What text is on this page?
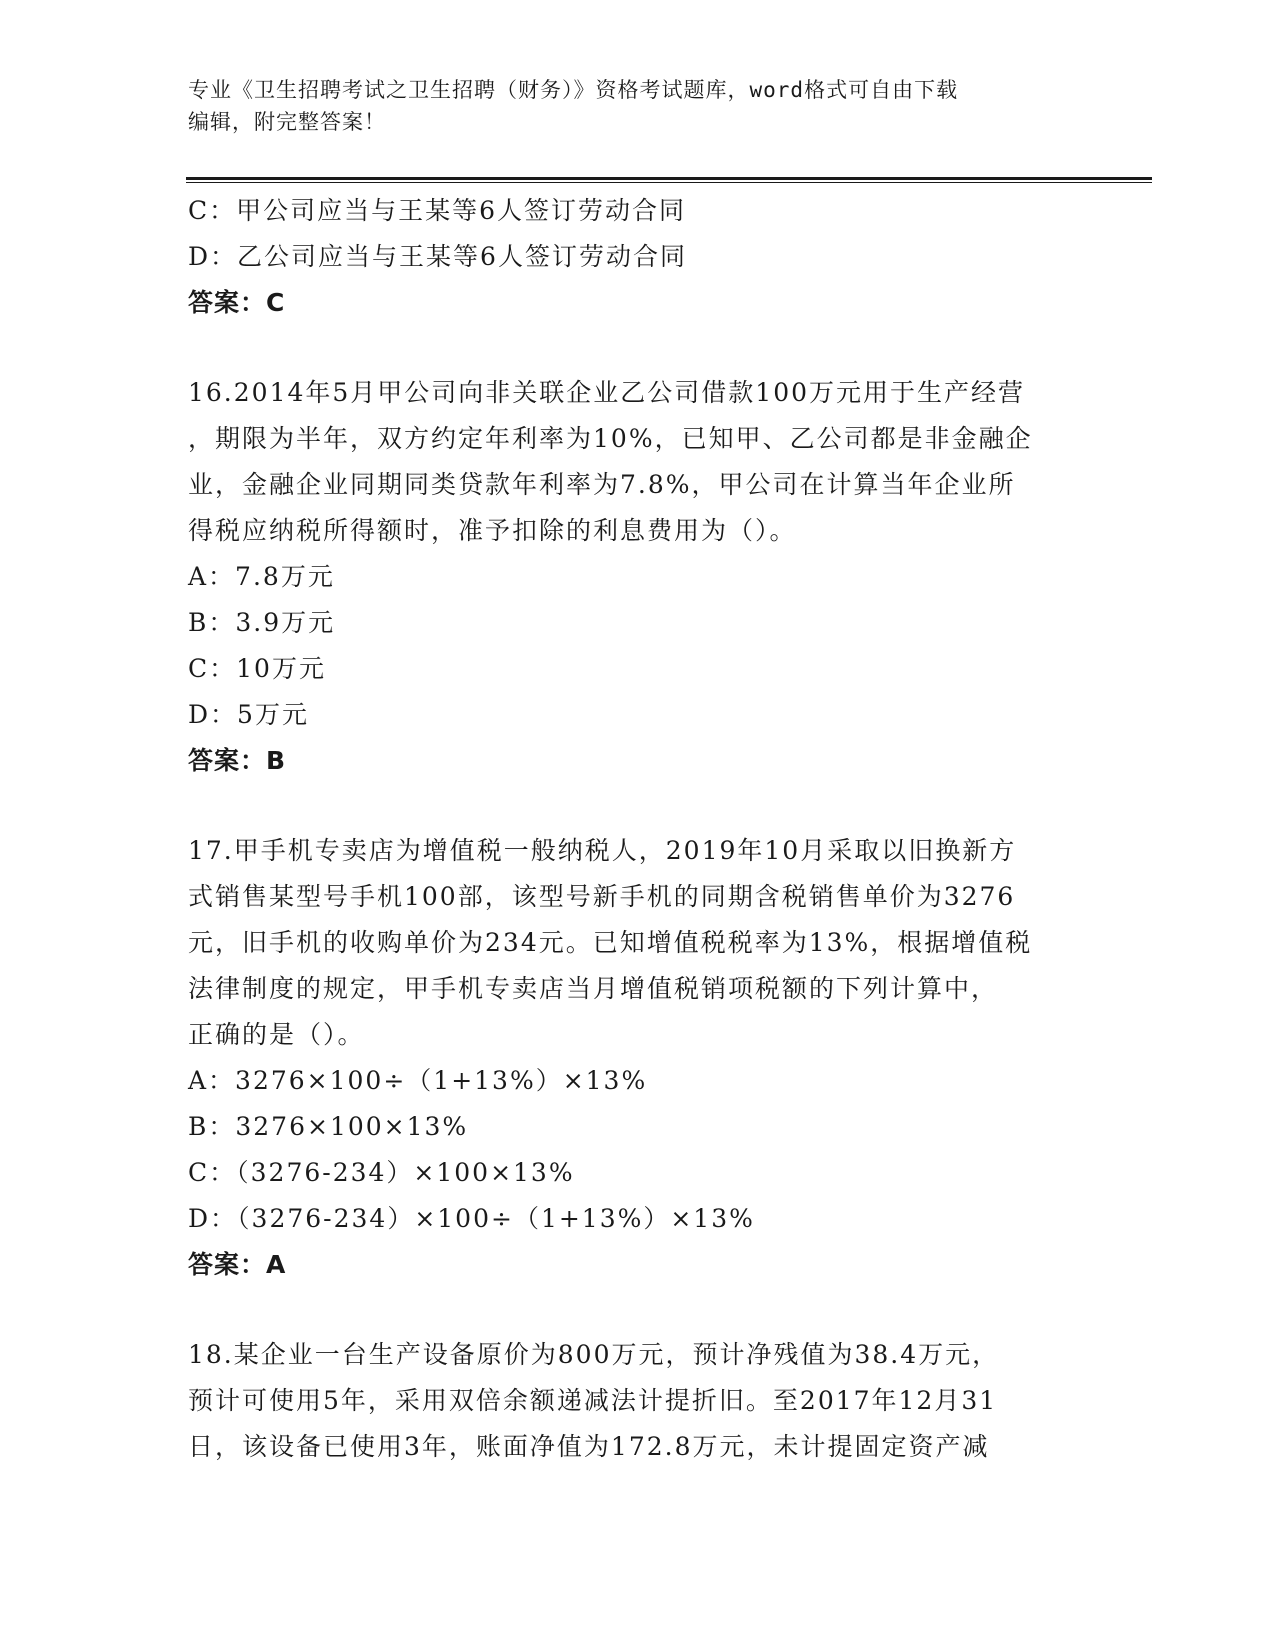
专业《卫生招聘考试之卫生招聘（财务）》资格考试题库，word格式可自由下载
编辑，附完整答案！
C：甲公司应当与王某等6人签订劳动合同
D：乙公司应当与王某等6人签订劳动合同
答案：C
16.2014年5月甲公司向非关联企业乙公司借款100万元用于生产经营
，期限为半年，双方约定年利率为10%，已知甲、乙公司都是非金融企
业，金融企业同期同类贷款年利率为7.8%，甲公司在计算当年企业所
得税应纳税所得额时，准予扣除的利息费用为（）。
A：7.8万元
B：3.9万元
C：10万元
D：5万元
答案：B
17.甲手机专卖店为增值税一般纳税人，2019年10月采取以旧换新方
式销售某型号手机100部，该型号新手机的同期含税销售单价为3276
元，旧手机的收购单价为234元。已知增值税税率为13%，根据增值税
法律制度的规定，甲手机专卖店当月增值税销项税额的下列计算中，
正确的是（）。
A：3276×100÷（1+13%）×13%
B：3276×100×13%
C：（3276-234）×100×13%
D：（3276-234）×100÷（1+13%）×13%
答案：A
18.某企业一台生产设备原价为800万元，预计净残值为38.4万元，
预计可使用5年，采用双倍余额递减法计提折旧。至2017年12月31
日，该设备已使用3年，账面净值为172.8万元，未计提固定资产减
